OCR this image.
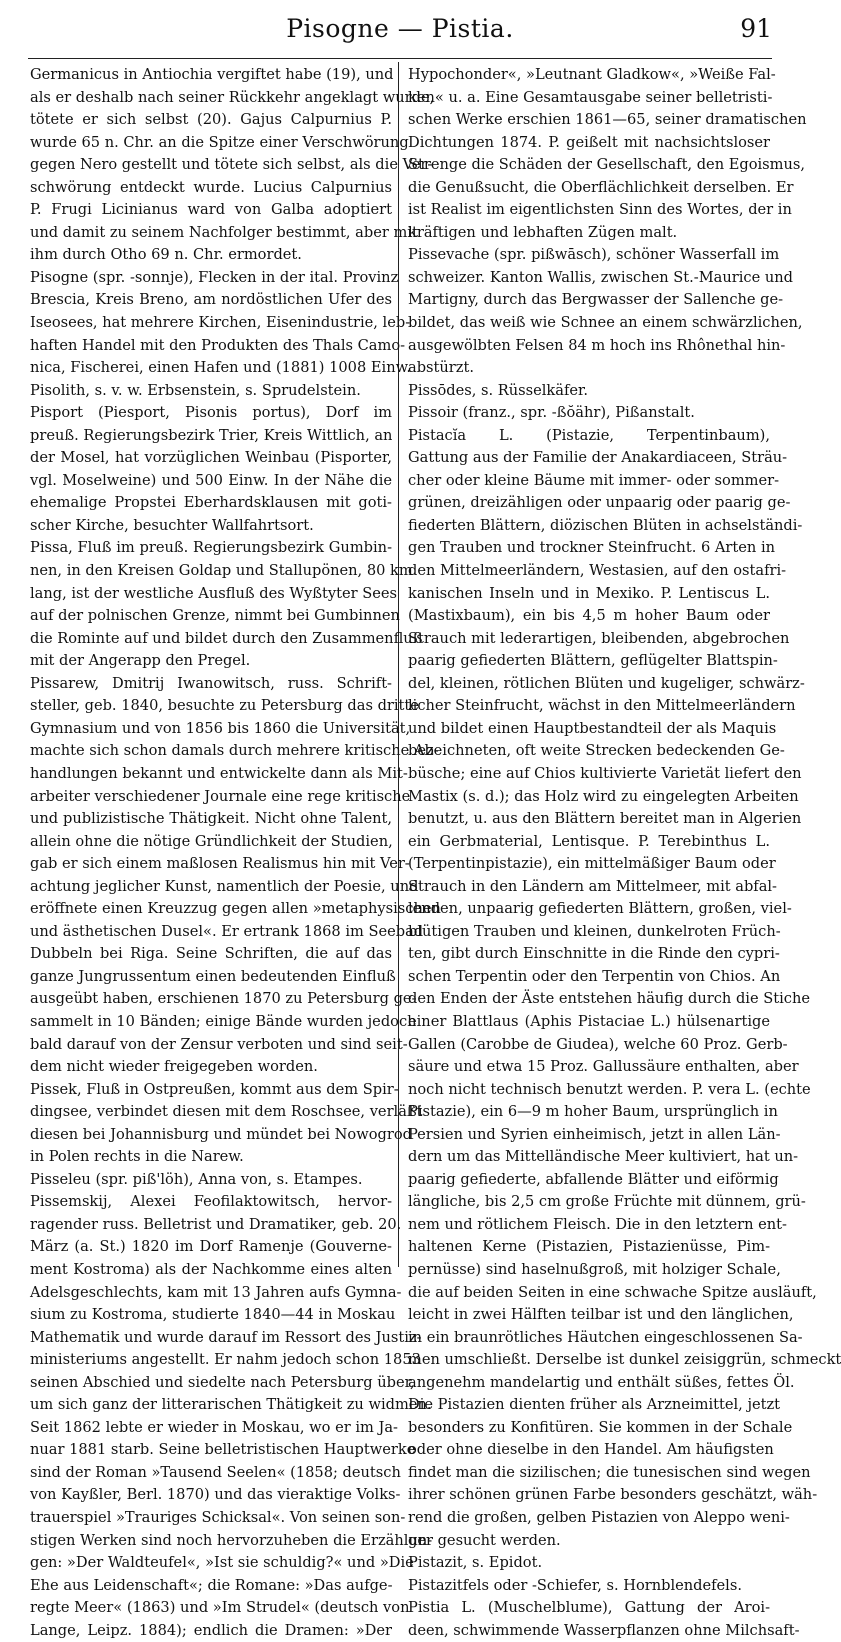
Pisogne — Pistia.	91
Germanicus in Antiochia vergiftet habe (19), und
als er deshalb nach seiner Rückkehr angeklagt wurde,
tötete er sich selbst (20). Gajus Calpurnius P.
wurde 65 n. Chr. an die Spitze einer Verschwörung
gegen Nero gestellt und tötete sich selbst, als die Ver-
schwörung entdeckt wurde. Lucius Calpurnius
P. Frugi Licinianus ward von Galba adoptiert
und damit zu seinem Nachfolger bestimmt, aber mit
ihm durch Otho 69 n. Chr. ermordet.
Pisogne (spr. -sonnje), Flecken in der ital. Provinz
Brescia, Kreis Breno, am nordöstlichen Ufer des
Iseosees, hat mehrere Kirchen, Eisenindustrie, leb-
haften Handel mit den Produkten des Thals Camo-
nica, Fischerei, einen Hafen und (1881) 1008 Einw.
Pisolith, s. v. w. Erbsenstein, s. Sprudelstein.
Pisport (Piesport, Pisonis portus), Dorf im
preuß. Regierungsbezirk Trier, Kreis Wittlich, an
der Mosel, hat vorzüglichen Weinbau (Pisporter,
vgl. Moselweine) und 500 Einw. In der Nähe die
ehemalige Propstei Eberhardsklausen mit goti-
scher Kirche, besuchter Wallfahrtsort.
Pissa, Fluß im preuß. Regierungsbezirk Gumbin-
nen, in den Kreisen Goldap und Stallupönen, 80 km
lang, ist der westliche Ausfluß des Wyßtyter Sees
auf der polnischen Grenze, nimmt bei Gumbinnen
die Rominte auf und bildet durch den Zusammenfluß
mit der Angerapp den Pregel.
Pissarew, Dmitrij Iwanowitsch, russ. Schrift-
steller, geb. 1840, besuchte zu Petersburg das dritte
Gymnasium und von 1856 bis 1860 die Universität,
machte sich schon damals durch mehrere kritische Ab-
handlungen bekannt und entwickelte dann als Mit-
arbeiter verschiedener Journale eine rege kritische
und publizistische Thätigkeit. Nicht ohne Talent,
allein ohne die nötige Gründlichkeit der Studien,
gab er sich einem maßlosen Realismus hin mit Ver-
achtung jeglicher Kunst, namentlich der Poesie, und
eröffnete einen Kreuzzug gegen allen »metaphysischen
und ästhetischen Dusel«. Er ertrank 1868 im Seebad
Dubbeln bei Riga. Seine Schriften, die auf das
ganze Jungrussentum einen bedeutenden Einfluß
ausgeübt haben, erschienen 1870 zu Petersburg ge-
sammelt in 10 Bänden; einige Bände wurden jedoch
bald darauf von der Zensur verboten und sind seit-
dem nicht wieder freigegeben worden.
Pissek, Fluß in Ostpreußen, kommt aus dem Spir-
dingsee, verbindet diesen mit dem Roschsee, verläßt
diesen bei Johannisburg und mündet bei Nowogrod
in Polen rechts in die Narew.
Pisseleu (spr. piß'löh), Anna von, s. Etampes.
Pissemskij, Alexei Feofilaktowitsch, hervor-
ragender russ. Belletrist und Dramatiker, geb. 20.
März (a. St.) 1820 im Dorf Ramenje (Gouverne-
ment Kostroma) als der Nachkomme eines alten
Adelsgeschlechts, kam mit 13 Jahren aufs Gymna-
sium zu Kostroma, studierte 1840—44 in Moskau
Mathematik und wurde darauf im Ressort des Justiz-
ministeriums angestellt. Er nahm jedoch schon 1853
seinen Abschied und siedelte nach Petersburg über,
um sich ganz der litterarischen Thätigkeit zu widmen.
Seit 1862 lebte er wieder in Moskau, wo er im Ja-
nuar 1881 starb. Seine belletristischen Hauptwerke
sind der Roman »Tausend Seelen« (1858; deutsch
von Kayßler, Berl. 1870) und das vieraktige Volks-
trauerspiel »Trauriges Schicksal«. Von seinen son-
stigen Werken sind noch hervorzuheben die Erzählun-
gen: »Der Waldteufel«, »Ist sie schuldig?« und »Die
Ehe aus Leidenschaft«; die Romane: »Das aufge-
regte Meer« (1863) und »Im Strudel« (deutsch von
Lange, Leipz. 1884); endlich die Dramen: »Der
Hypochonder«, »Leutnant Gladkow«, »Weiße Fal-
ken« u. a. Eine Gesamtausgabe seiner belletristi-
schen Werke erschien 1861—65, seiner dramatischen
Dichtungen 1874. P. geißelt mit nachsichtsloser
Strenge die Schäden der Gesellschaft, den Egoismus,
die Genußsucht, die Oberflächlichkeit derselben. Er
ist Realist im eigentlichsten Sinn des Wortes, der in
kräftigen und lebhaften Zügen malt.
Pissevache (spr. pißwāsch), schöner Wasserfall im
schweizer. Kanton Wallis, zwischen St.-Maurice und
Martigny, durch das Bergwasser der Sallenche ge-
bildet, das weiß wie Schnee an einem schwärzlichen,
ausgewölbten Felsen 84 m hoch ins Rhônethal hin-
abstürzt.
Pissōdes, s. Rüsselkäfer.
Pissoir (franz., spr. -ßŏähr), Pißanstalt.
Pistacĭa L. (Pistazie, Terpentinbaum),
Gattung aus der Familie der Anakardiaceen, Sträu-
cher oder kleine Bäume mit immer- oder sommer-
grünen, dreizähligen oder unpaarig oder paarig ge-
fiederten Blättern, diözischen Blüten in achselständi-
gen Trauben und trockner Steinfrucht. 6 Arten in
den Mittelmeerländern, Westasien, auf den ostafri-
kanischen Inseln und in Mexiko. P. Lentiscus L.
(Mastixbaum), ein bis 4,5 m hoher Baum oder
Strauch mit lederartigen, bleibenden, abgebrochen
paarig gefiederten Blättern, geflügelter Blattspin-
del, kleinen, rötlichen Blüten und kugeliger, schwärz-
licher Steinfrucht, wächst in den Mittelmeerländern
und bildet einen Hauptbestandteil der als Maquis
bezeichneten, oft weite Strecken bedeckenden Ge-
büsche; eine auf Chios kultivierte Varietät liefert den
Mastix (s. d.); das Holz wird zu eingelegten Arbeiten
benutzt, u. aus den Blättern bereitet man in Algerien
ein Gerbmaterial, Lentisque. P. Terebinthus L.
(Terpentinpistazie), ein mittelmäßiger Baum oder
Strauch in den Ländern am Mittelmeer, mit abfal-
lenden, unpaarig gefiederten Blättern, großen, viel-
blütigen Trauben und kleinen, dunkelroten Früch-
ten, gibt durch Einschnitte in die Rinde den cypri-
schen Terpentin oder den Terpentin von Chios. An
den Enden der Äste entstehen häufig durch die Stiche
einer Blattlaus (Aphis Pistaciae L.) hülsenartige
Gallen (Carobbe de Giudea), welche 60 Proz. Gerb-
säure und etwa 15 Proz. Gallussäure enthalten, aber
noch nicht technisch benutzt werden. P. vera L. (echte
Pistazie), ein 6—9 m hoher Baum, ursprünglich in
Persien und Syrien einheimisch, jetzt in allen Län-
dern um das Mittelländische Meer kultiviert, hat un-
paarig gefiederte, abfallende Blätter und eiförmig
längliche, bis 2,5 cm große Früchte mit dünnem, grü-
nem und rötlichem Fleisch. Die in den letztern ent-
haltenen Kerne (Pistazien, Pistazienüsse, Pim-
pernüsse) sind haselnußgroß, mit holziger Schale,
die auf beiden Seiten in eine schwache Spitze ausläuft,
leicht in zwei Hälften teilbar ist und den länglichen,
in ein braunrötliches Häutchen eingeschlossenen Sa-
men umschließt. Derselbe ist dunkel zeisiggrün, schmeckt
angenehm mandelartig und enthält süßes, fettes Öl.
Die Pistazien dienten früher als Arzneimittel, jetzt
besonders zu Konfitüren. Sie kommen in der Schale
oder ohne dieselbe in den Handel. Am häufigsten
findet man die sizilischen; die tunesischen sind wegen
ihrer schönen grünen Farbe besonders geschätzt, wäh-
rend die großen, gelben Pistazien von Aleppo weni-
ger gesucht werden.
Pistazit, s. Epidot.
Pistazitfels oder -Schiefer, s. Hornblendefels.
Pistia L. (Muschelblume), Gattung der Aroi-
deen, schwimmende Wasserpflanzen ohne Milchsaft-
